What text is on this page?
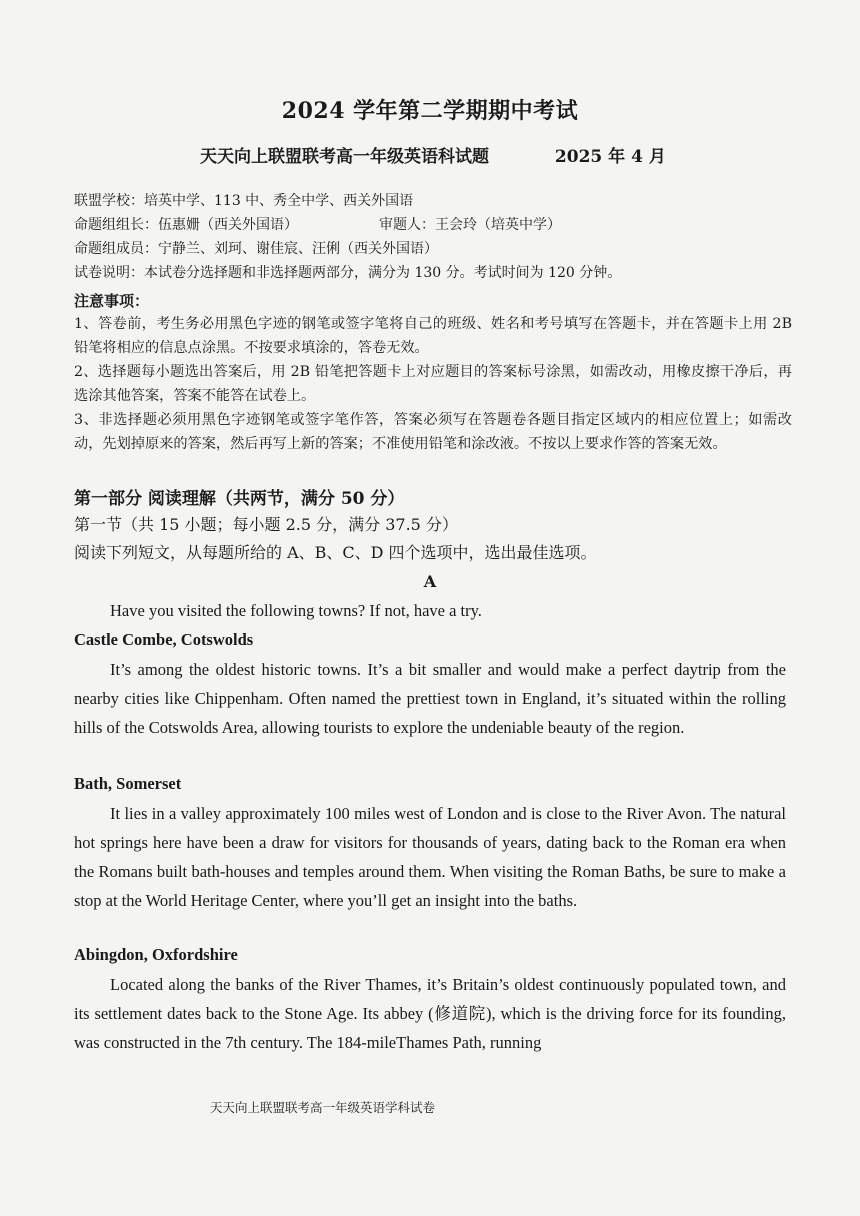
2024 学年第二学期期中考试
天天向上联盟联考高一年级英语科试题	2025 年 4 月
联盟学校：培英中学、113 中、秀全中学、西关外国语
命题组组长：伍惠姗（西关外国语）	审题人：王会玲（培英中学）
命题组成员：宁静兰、刘珂、谢佳宸、汪俐（西关外国语）
试卷说明：本试卷分选择题和非选择题两部分，满分为 130 分。考试时间为 120 分钟。
注意事项：
1、答卷前，考生务必用黑色字迹的钢笔或签字笔将自己的班级、姓名和考号填写在答题卡，并在答题卡上用 2B 铅笔将相应的信息点涂黑。不按要求填涂的，答卷无效。
2、选择题每小题选出答案后，用 2B 铅笔把答题卡上对应题目的答案标号涂黑，如需改动，用橡皮擦干净后，再选涂其他答案，答案不能答在试卷上。
3、非选择题必须用黑色字迹钢笔或签字笔作答，答案必须写在答题卷各题目指定区域内的相应位置上；如需改动，先划掉原来的答案，然后再写上新的答案；不准使用铅笔和涂改液。不按以上要求作答的答案无效。
第一部分 阅读理解（共两节，满分 50 分）
第一节（共 15 小题；每小题 2.5 分，满分 37.5 分）
阅读下列短文，从每题所给的 A、B、C、D 四个选项中，选出最佳选项。
A
Have you visited the following towns? If not, have a try.
Castle Combe, Cotswolds
It’s among the oldest historic towns. It’s a bit smaller and would make a perfect daytrip from the nearby cities like Chippenham. Often named the prettiest town in England, it’s situated within the rolling hills of the Cotswolds Area, allowing tourists to explore the undeniable beauty of the region.
Bath, Somerset
It lies in a valley approximately 100 miles west of London and is close to the River Avon. The natural hot springs here have been a draw for visitors for thousands of years, dating back to the Roman era when the Romans built bath-houses and temples around them. When visiting the Roman Baths, be sure to make a stop at the World Heritage Center, where you’ll get an insight into the baths.
Abingdon, Oxfordshire
Located along the banks of the River Thames, it’s Britain’s oldest continuously populated town, and its settlement dates back to the Stone Age. Its abbey (修道院), which is the driving force for its founding, was constructed in the 7th century. The 184-mileThames Path, running
天天向上联盟联考高一年级英语学科试卷
